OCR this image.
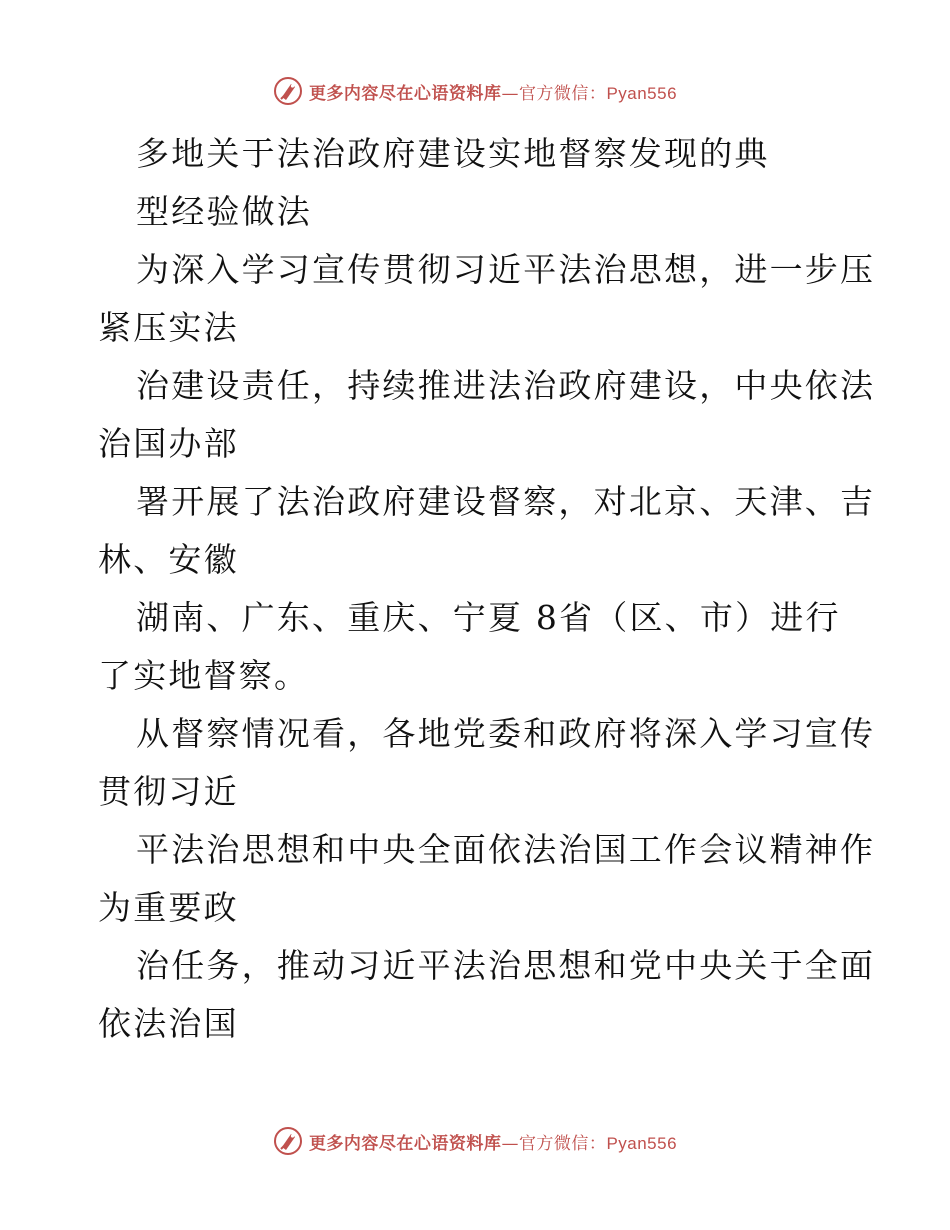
更多内容尽在心语资料库—官方微信：Pyan556
多地关于法治政府建设实地督察发现的典
型经验做法
为深入学习宣传贯彻习近平法治思想，进一步压
紧压实法
治建设责任，持续推进法治政府建设，中央依法
治国办部
署开展了法治政府建设督察，对北京、天津、吉
林、安徽
湖南、广东、重庆、宁夏 8省（区、市）进行
了实地督察。
从督察情况看，各地党委和政府将深入学习宣传
贯彻习近
平法治思想和中央全面依法治国工作会议精神作
为重要政
治任务，推动习近平法治思想和党中央关于全面
依法治国
更多内容尽在心语资料库—官方微信：Pyan556
